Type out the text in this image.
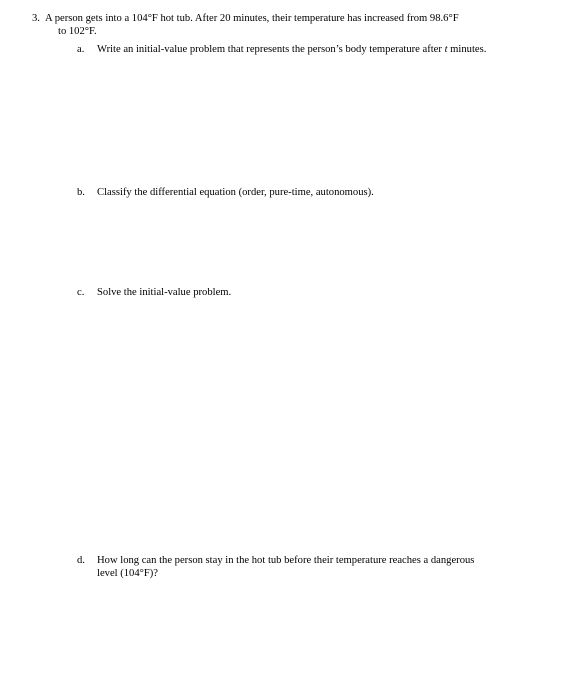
3. A person gets into a 104°F hot tub. After 20 minutes, their temperature has increased from 98.6°F
to 102°F.
a. Write an initial-value problem that represents the person’s body temperature after t minutes.
b. Classify the differential equation (order, pure-time, autonomous).
c. Solve the initial-value problem.
d. How long can the person stay in the hot tub before their temperature reaches a dangerous
level (104°F)?
